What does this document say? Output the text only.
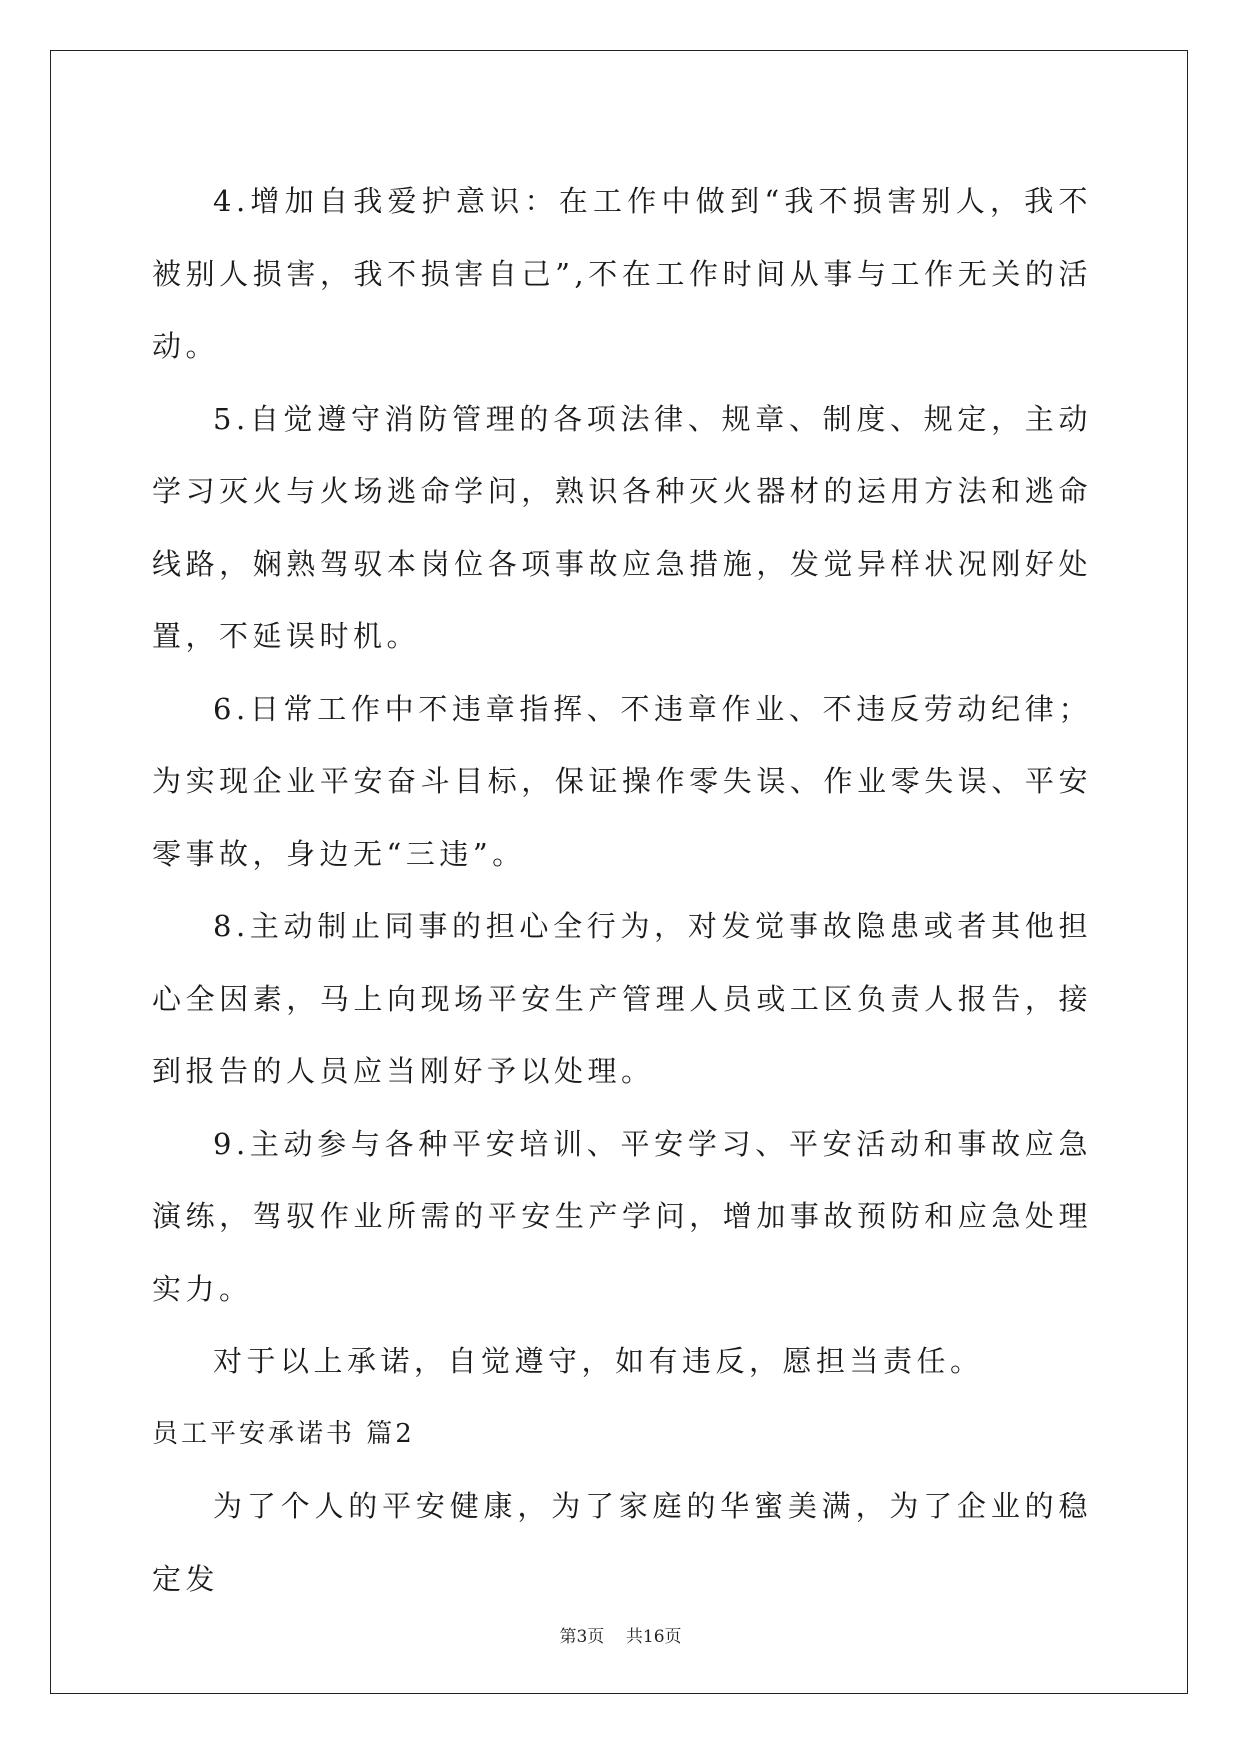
4.增加自我爱护意识：在工作中做到“我不损害别人，我不被别人损害，我不损害自己”,不在工作时间从事与工作无关的活动。

5.自觉遵守消防管理的各项法律、规章、制度、规定，主动学习灭火与火场逃命学问，熟识各种灭火器材的运用方法和逃命线路，娴熟驾驭本岗位各项事故应急措施，发觉异样状况刚好处置，不延误时机。

6.日常工作中不违章指挥、不违章作业、不违反劳动纪律；为实现企业平安奋斗目标，保证操作零失误、作业零失误、平安零事故，身边无“三违”。

8.主动制止同事的担心全行为，对发觉事故隐患或者其他担心全因素，马上向现场平安生产管理人员或工区负责人报告，接到报告的人员应当刚好予以处理。

9.主动参与各种平安培训、平安学习、平安活动和事故应急演练，驾驭作业所需的平安生产学问，增加事故预防和应急处理实力。

对于以上承诺，自觉遵守，如有违反，愿担当责任。

员工平安承诺书 篇2

为了个人的平安健康，为了家庭的华蜜美满，为了企业的稳定发

第3页    共16页
